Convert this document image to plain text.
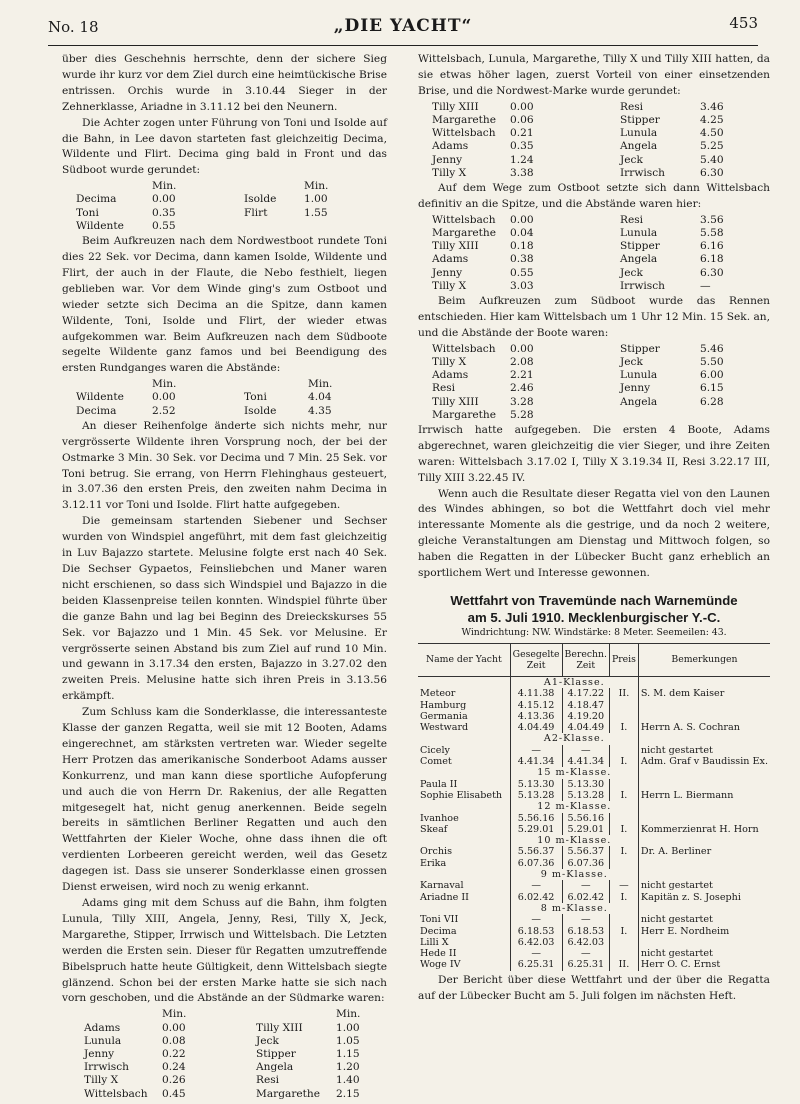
No. 18	„DIE YACHT“	453

über dies Geschehnis herrschte, denn der sichere Sieg wurde ihr kurz vor dem Ziel durch eine heimtückische Brise entrissen. Orchis wurde in 3.10.44 Sieger in der Zehnerklasse, Ariadne in 3.11.12 bei den Neunern.

Die Achter zogen unter Führung von Toni und Isolde auf die Bahn, in Lee davon starteten fast gleichzeitig Decima, Wildente und Flirt. Decima ging bald in Front und das Südboot wurde gerundet:

Min.	Min.
Decima	0.00	Isolde	1.00
Toni	0.35	Flirt	1.55
Wildente	0.55

Beim Aufkreuzen nach dem Nordwestboot rundete Toni dies 22 Sek. vor Decima, dann kamen Isolde, Wildente und Flirt, der auch in der Flaute, die Nebo festhielt, liegen geblieben war. Vor dem Winde ging's zum Ostboot und wieder setzte sich Decima an die Spitze, dann kamen Wildente, Toni, Isolde und Flirt, der wieder etwas aufgekommen war. Beim Aufkreuzen nach dem Südboote segelte Wildente ganz famos und bei Beendigung des ersten Rundganges waren die Abstände:

Min.	Min.
Wildente	0.00	Toni	4.04
Decima	2.52	Isolde	4.35

An dieser Reihenfolge änderte sich nichts mehr, nur vergrösserte Wildente ihren Vorsprung noch, der bei der Ostmarke 3 Min. 30 Sek. vor Decima und 7 Min. 25 Sek. vor Toni betrug. Sie errang, von Herrn Flehinghaus gesteuert, in 3.07.36 den ersten Preis, den zweiten nahm Decima in 3.12.11 vor Toni und Isolde. Flirt hatte aufgegeben.

Die gemeinsam startenden Siebener und Sechser wurden von Windspiel angeführt, mit dem fast gleichzeitig in Luv Bajazzo startete. Melusine folgte erst nach 40 Sek. Die Sechser Gypaetos, Feinsliebchen und Maner waren nicht erschienen, so dass sich Windspiel und Bajazzo in die beiden Klassenpreise teilen konnten. Windspiel führte über die ganze Bahn und lag bei Beginn des Dreieckskurses 55 Sek. vor Bajazzo und 1 Min. 45 Sek. vor Melusine. Er vergrösserte seinen Abstand bis zum Ziel auf rund 10 Min. und gewann in 3.17.34 den ersten, Bajazzo in 3.27.02 den zweiten Preis. Melusine hatte sich ihren Preis in 3.13.56 erkämpft.

Zum Schluss kam die Sonderklasse, die interessanteste Klasse der ganzen Regatta, weil sie mit 12 Booten, Adams eingerechnet, am stärksten vertreten war. Wieder segelte Herr Protzen das amerikanische Sonderboot Adams ausser Konkurrenz, und man kann diese sportliche Aufopferung und auch die von Herrn Dr. Rakenius, der alle Regatten mitgesegelt hat, nicht genug anerkennen. Beide segeln bereits in sämtlichen Berliner Regatten und auch den Wettfahrten der Kieler Woche, ohne dass ihnen die oft verdienten Lorbeeren gereicht werden, weil das Gesetz dagegen ist. Dass sie unserer Sonderklasse einen grossen Dienst erweisen, wird noch zu wenig erkannt.

Adams ging mit dem Schuss auf die Bahn, ihm folgten Lunula, Tilly XIII, Angela, Jenny, Resi, Tilly X, Jeck, Margarethe, Stipper, Irrwisch und Wittelsbach. Die Letzten werden die Ersten sein. Dieser für Regatten umzutreffende Bibelspruch hatte heute Gültigkeit, denn Wittelsbach siegte glänzend. Schon bei der ersten Marke hatte sie sich nach vorn geschoben, und die Abstände an der Südmarke waren:

Min.	Min.
Adams	0.00	Tilly XIII	1.00
Lunula	0.08	Jeck	1.05
Jenny	0.22	Stipper	1.15
Irrwisch	0.24	Angela	1.20
Tilly X	0.26	Resi	1.40
Wittelsbach	0.45	Margarethe	2.15

Wittelsbach, Lunula, Margarethe, Tilly X und Tilly XIII hatten, da sie etwas höher lagen, zuerst Vorteil von einer einsetzenden Brise, und die Nordwest-Marke wurde gerundet:

Tilly XIII	0.00	Resi	3.46
Margarethe	0.06	Stipper	4.25
Wittelsbach	0.21	Lunula	4.50
Adams	0.35	Angela	5.25
Jenny	1.24	Jeck	5.40
Tilly X	3.38	Irrwisch	6.30

Auf dem Wege zum Ostboot setzte sich dann Wittelsbach definitiv an die Spitze, und die Abstände waren hier:

Wittelsbach	0.00	Resi	3.56
Margarethe	0.04	Lunula	5.58
Tilly XIII	0.18	Stipper	6.16
Adams	0.38	Angela	6.18
Jenny	0.55	Jeck	6.30
Tilly X	3.03	Irrwisch	—

Beim Aufkreuzen zum Südboot wurde das Rennen entschieden. Hier kam Wittelsbach um 1 Uhr 12 Min. 15 Sek. an, und die Abstände der Boote waren:

Wittelsbach	0.00	Stipper	5.46
Tilly X	2.08	Jeck	5.50
Adams	2.21	Lunula	6.00
Resi	2.46	Jenny	6.15
Tilly XIII	3.28	Angela	6.28
Margarethe	5.28

Irrwisch hatte aufgegeben. Die ersten 4 Boote, Adams abgerechnet, waren gleichzeitig die vier Sieger, und ihre Zeiten waren: Wittelsbach 3.17.02 I, Tilly X 3.19.34 II, Resi 3.22.17 III, Tilly XIII 3.22.45 IV.

Wenn auch die Resultate dieser Regatta viel von den Launen des Windes abhingen, so bot die Wettfahrt doch viel mehr interessante Momente als die gestrige, und da noch 2 weitere, gleiche Veranstaltungen am Dienstag und Mittwoch folgen, so haben die Regatten in der Lübecker Bucht ganz erheblich an sportlichem Wert und Interesse gewonnen.

Wettfahrt von Travemünde nach Warnemünde
am 5. Juli 1910. Mecklenburgischer Y.-C.
Windrichtung: NW. Windstärke: 8 Meter. Seemeilen: 43.
Name der Yacht	Gesegelte Zeit	Berechn. Zeit	Preis	Bemerkungen
	A1-Klasse.			
Meteor	4.11.38	4.17.22	II.	S. M. dem Kaiser
Hamburg	4.15.12	4.18.47		
Germania	4.13.36	4.19.20		
Westward	4.04.49	4.04.49	I.	Herrn A. S. Cochran
	A2-Klasse.			
Cicely	—	—		nicht gestartet
Comet	4.41.34	4.41.34	I.	Adm. Graf v Baudissin Ex.
	15 m-Klasse.			
Paula II	5.13.30	5.13.30		
Sophie Elisabeth	5.13.28	5.13.28	I.	Herrn L. Biermann
	12 m-Klasse.			
Ivanhoe	5.56.16	5.56.16		
Skeaf	5.29.01	5.29.01	I.	Kommerzienrat H. Horn
	10 m-Klasse.			
Orchis	5.56.37	5.56.37	I.	Dr. A. Berliner
Erika	6.07.36	6.07.36		
	9 m-Klasse.			
Karnaval	—	—	—	nicht gestartet
Ariadne II	6.02.42	6.02.42	I.	Kapitän z. S. Josephi
	8 m-Klasse.			
Toni VII	—	—		nicht gestartet
Decima	6.18.53	6.18.53	I.	Herr E. Nordheim
Lilli X	6.42.03	6.42.03		
Hede II	—	—		nicht gestartet
Woge IV	6.25.31	6.25.31	II.	Herr O. C. Ernst

Der Bericht über diese Wettfahrt und der über die Regatta auf der Lübecker Bucht am 5. Juli folgen im nächsten Heft.
